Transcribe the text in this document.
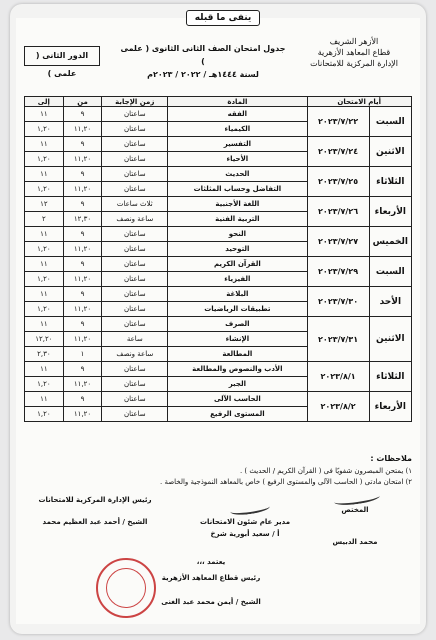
ينفى ما قبله
الأزهر الشريف
قطاع المعاهد الأزهرية
الإدارة المركزية للامتحانات
جدول امتحان الصف الثانى الثانوى ( علمى )
لسنة ١٤٤٤هـ / ٢٠٢٢ / ٢٠٢٣م
الدور الثانى ( علمى )
أيام الامتحان	المادة	زمن الإجابة	من	إلى

السبت
٢٠٢٣/٧/٢٢	الفقه	ساعتان	٩	١١
	الكيمياء	ساعتان	١١,٢٠	١,٢٠

الاثنين
٢٠٢٣/٧/٢٤	التفسير	ساعتان	٩	١١
	الأحياء	ساعتان	١١,٢٠	١,٢٠

الثلاثاء
٢٠٢٣/٧/٢٥	الحديث	ساعتان	٩	١١
	التفاضل وحساب المثلثات	ساعتان	١١,٢٠	١,٢٠

الأربعاء
٢٠٢٣/٧/٢٦	اللغة الأجنبية	ثلاث ساعات	٩	١٢
	التربية الفنية	ساعة ونصف	١٢,٣٠	٢

الخميس
٢٠٢٣/٧/٢٧	النحو	ساعتان	٩	١١
	التوحيد	ساعتان	١١,٢٠	١,٢٠

السبت
٢٠٢٣/٧/٢٩	القرآن الكريم	ساعتان	٩	١١
	الفيزياء	ساعتان	١١,٢٠	١,٢٠

الأحد
٢٠٢٣/٧/٣٠	البلاغة	ساعتان	٩	١١
	تطبيقات الرياضيات	ساعتان	١١,٢٠	١,٢٠

الاثنين
٢٠٢٣/٧/٣١	الصرف	ساعتان	٩	١١
	الإنشاء	ساعة	١١,٢٠	١٢,٢٠
	المطالعة	ساعة ونصف	١	٢,٣٠

الثلاثاء
٢٠٢٣/٨/١	الأدب والنصوص والمطالعة	ساعتان	٩	١١
	الجبر	ساعتان	١١,٢٠	١,٢٠

الأربعاء
٢٠٢٣/٨/٢	الحاسب الآلى	ساعتان	٩	١١
	المستوى الرفيع	ساعتان	١١,٢٠	١,٢٠
ملاحظات :
١) يمتحن المبصرون شفويًا فى ( القرآن الكريم / الحديث ) .
٢) امتحان مادتى ( الحاسب الآلى والمستوى الرفيع ) خاص بالمعاهد النموذجية والخاصة .
المختص
محمد الدبيس
مدير عام شئون الامتحانات
أ / سعيد أبورية شرخ
رئيس الإدارة المركزية للامتحانات
الشيخ / أحمد عبد العظيم محمد
يعتمد ،،،
رئيس قطاع المعاهد الأزهرية
الشيخ / أيمن محمد عبد الغنى
